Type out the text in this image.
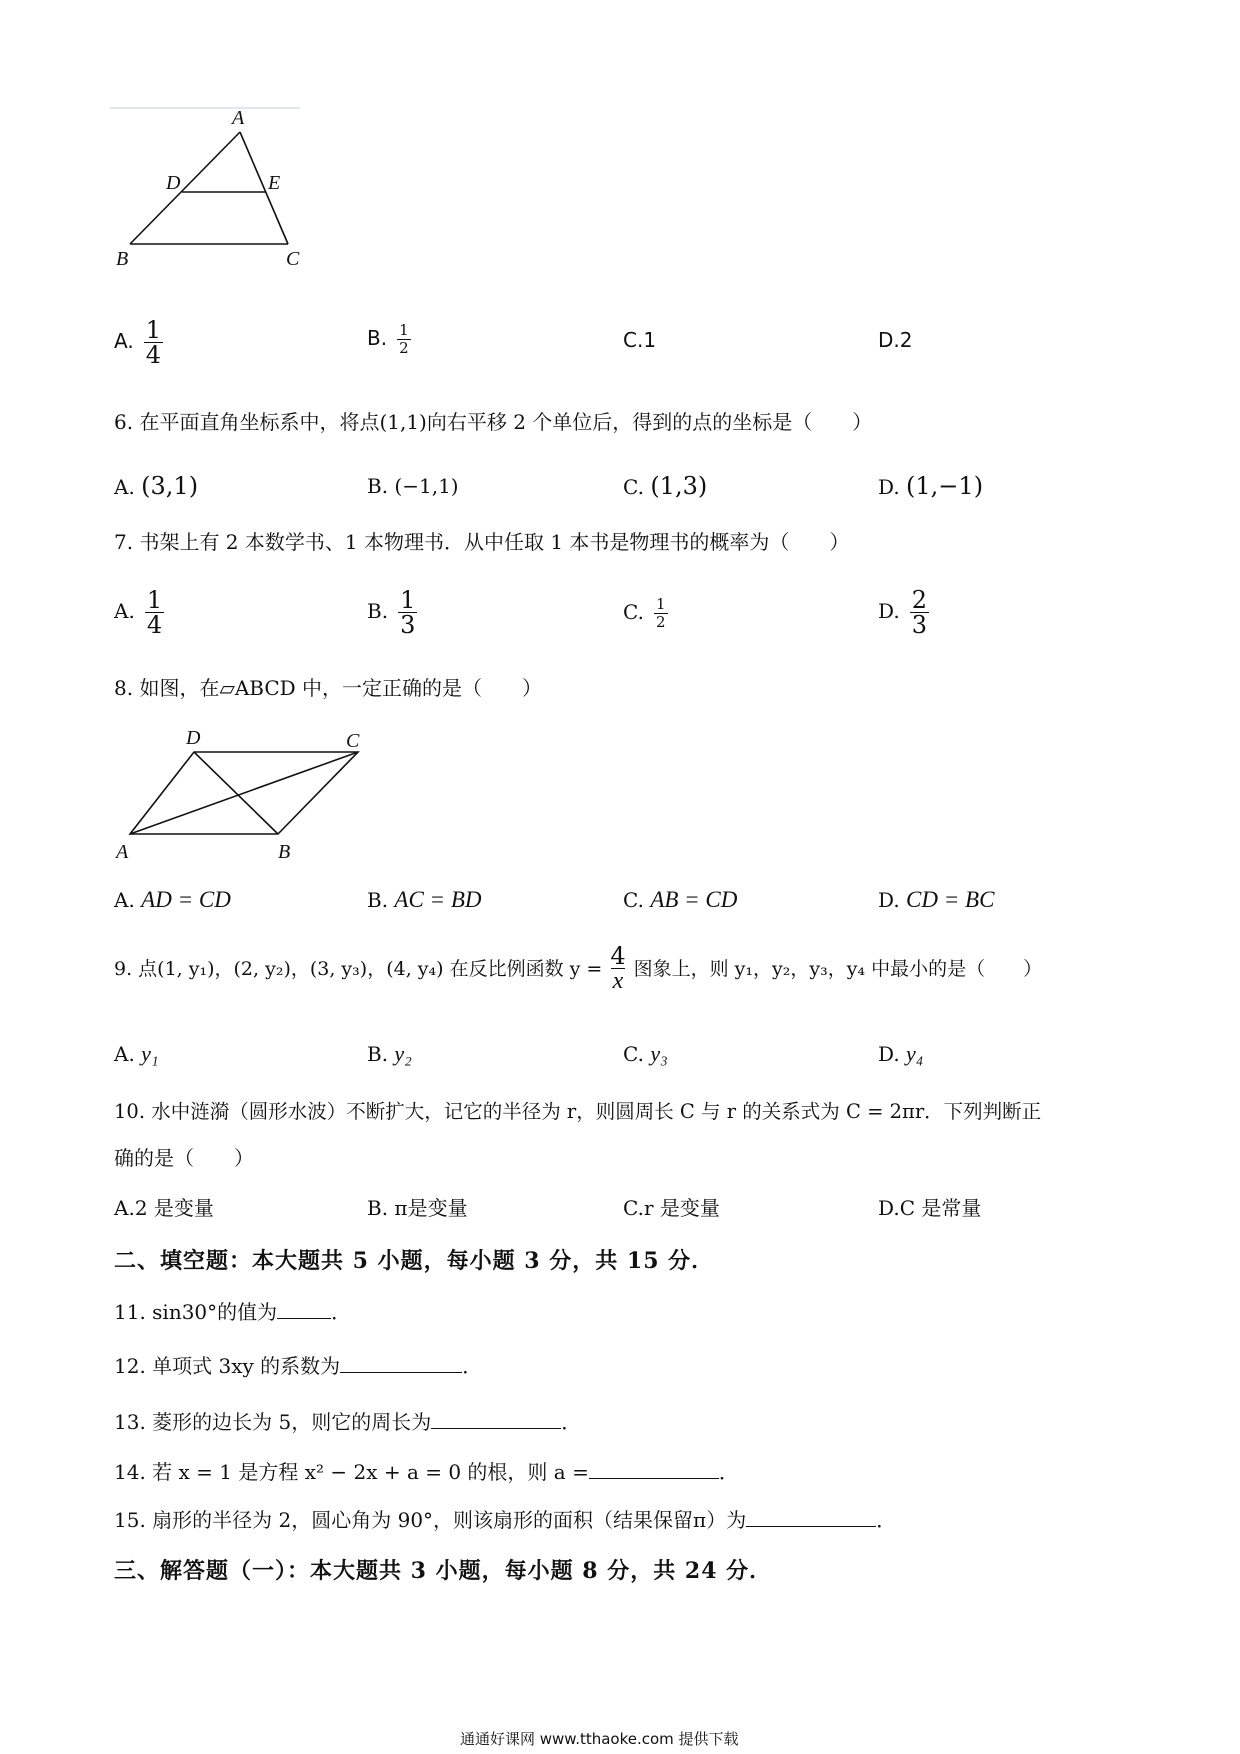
A
B	C
D	E
A. $\frac{1}{4}$	B. $\frac{1}{2}$	C.1	D.2
6. 在平面直角坐标系中，将点(1,1)向右平移 2 个单位后，得到的点的坐标是（　　）
A. (3,1)	B. (−1,1)	C. (1,3)	D. (1,−1)
7. 书架上有 2 本数学书、1 本物理书．从中任取 1 本书是物理书的概率为（　　）
A. $\frac{1}{4}$	B. $\frac{1}{3}$	C. $\frac{1}{2}$	D. $\frac{2}{3}$
8. 如图，在▱ABCD 中，一定正确的是（　　）
A	B
C
D
A. AD = CD	B. AC = BD	C. AB = CD	D. CD = BC
9. 点(1, y₁)，(2, y₂)，(3, y₃)，(4, y₄) 在反比例函数 $y = \frac{4}{x}$ 图象上，则 y₁，y₂，y₃，y₄ 中最小的是（　　）
A. y₁	B. y₂	C. y₃	D. y₄
10. 水中涟漪（圆形水波）不断扩大，记它的半径为 r，则圆周长 C 与 r 的关系式为 C = 2πr．下列判断正
确的是（　　）
A.2 是变量	B. π是变量	C.r 是变量	D.C 是常量
二、填空题：本大题共 5 小题，每小题 3 分，共 15 分．
11. sin30°的值为	．
12. 单项式 3xy 的系数为	．
13. 菱形的边长为 5，则它的周长为	．
14. 若 x = 1 是方程 x² − 2x + a = 0 的根，则 a =	．
15. 扇形的半径为 2，圆心角为 90°，则该扇形的面积（结果保留π）为	．
三、解答题（一）：本大题共 3 小题，每小题 8 分，共 24 分．
通通好课网 www.tthaoke.com 提供下载
